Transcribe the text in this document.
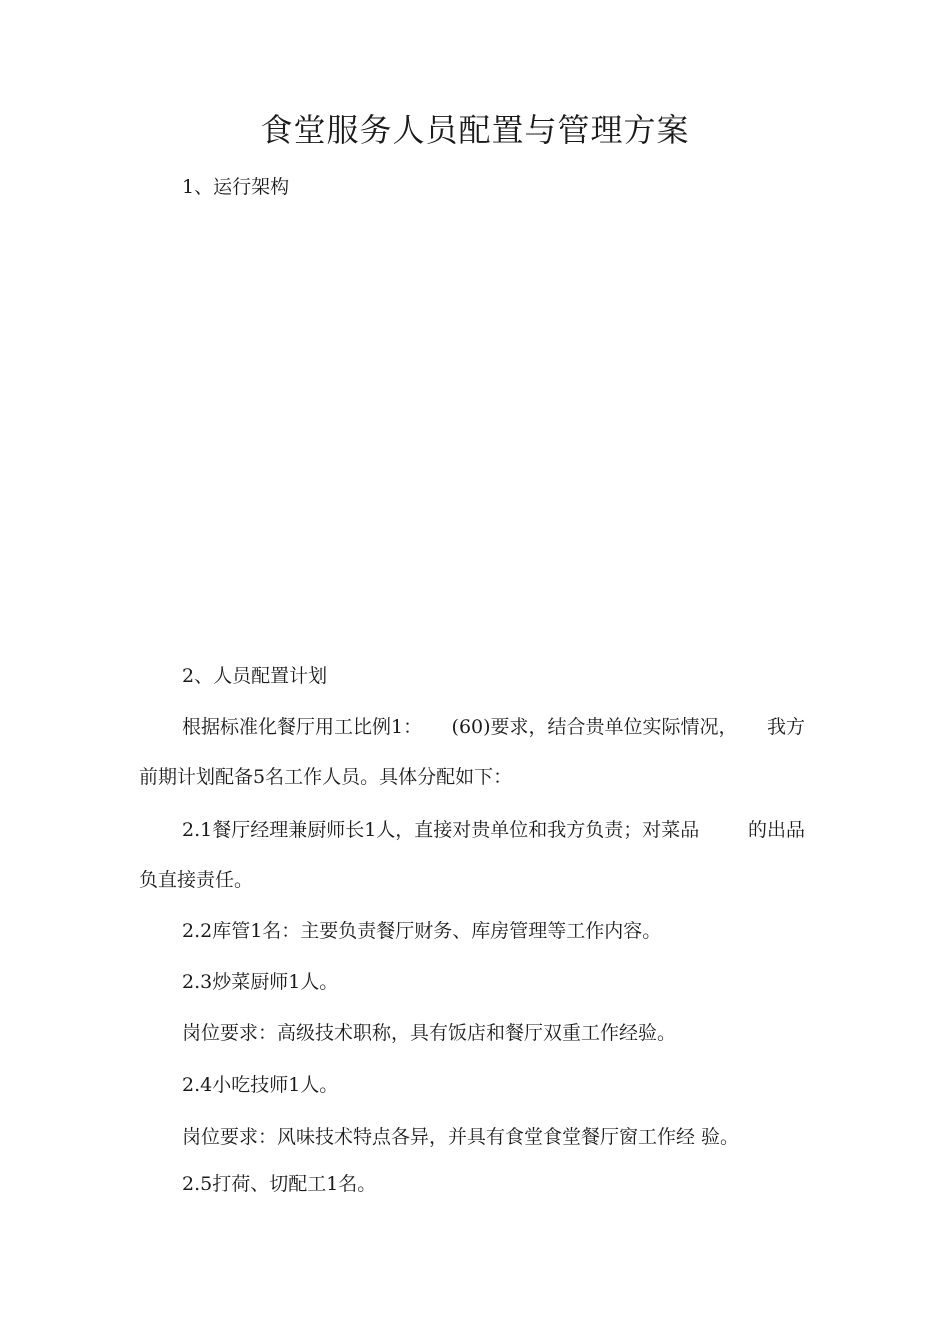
食堂服务人员配置与管理方案
1、运行架构
2、人员配置计划
根据标准化餐厅用工比例1： (60)要求，结合贵单位实际情况， 我方
前期计划配备5名工作人员。具体分配如下：
2.1餐厅经理兼厨师长1人，直接对贵单位和我方负责；对菜品	的出品
负直接责任。
2.2库管1名：主要负责餐厅财务、库房管理等工作内容。
2.3炒菜厨师1人。
岗位要求：高级技术职称，具有饭店和餐厅双重工作经验。
2.4小吃技师1人。
岗位要求：风味技术特点各异，并具有食堂食堂餐厅窗工作经 验。
2.5打荷、切配工1名。
